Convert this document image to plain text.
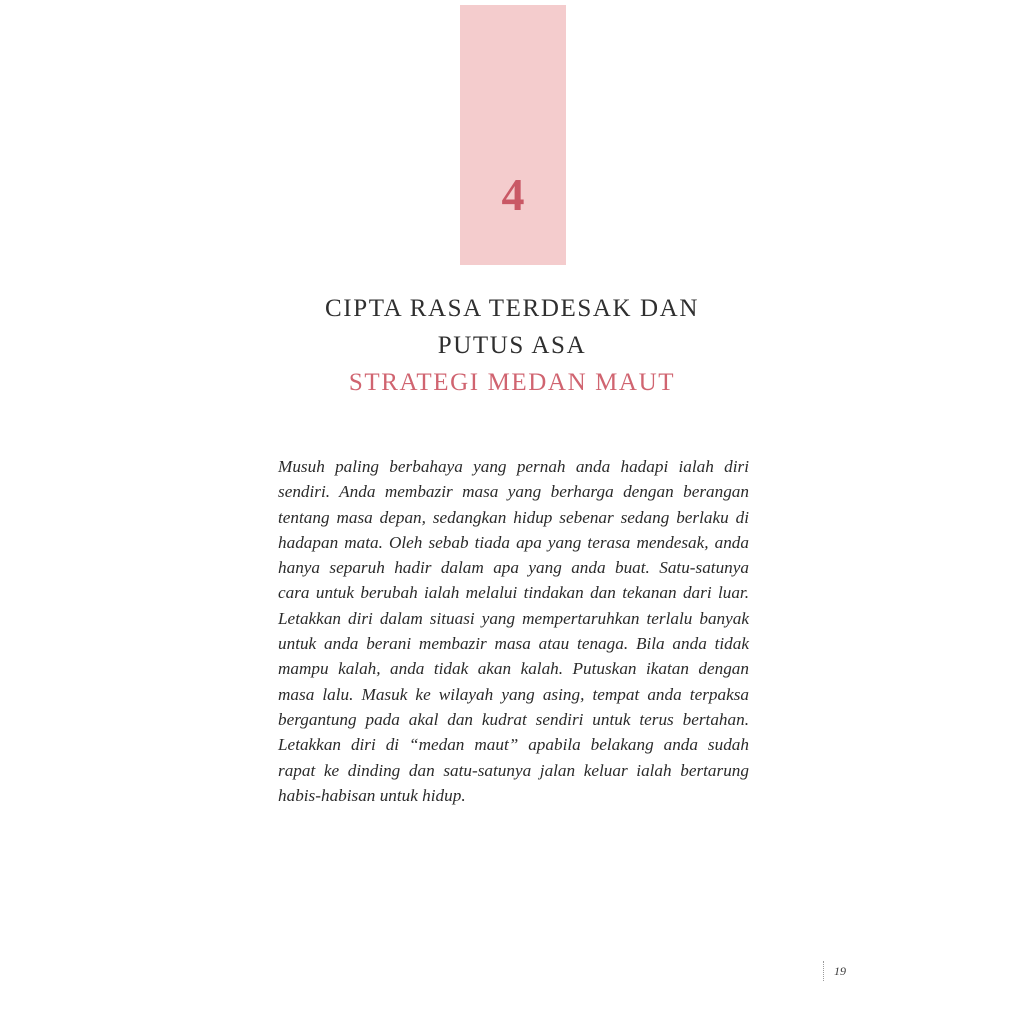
4
CIPTA RASA TERDESAK DAN
PUTUS ASA
STRATEGI MEDAN MAUT
Musuh paling berbahaya yang pernah anda hadapi ialah diri
sendiri. Anda membazir masa yang berharga dengan berangan
tentang masa depan, sedangkan hidup sebenar sedang berlaku di
hadapan mata. Oleh sebab tiada apa yang terasa mendesak, anda
hanya separuh hadir dalam apa yang anda buat. Satu-satunya
cara untuk berubah ialah melalui tindakan dan tekanan dari luar.
Letakkan diri dalam situasi yang mempertaruhkan terlalu banyak
untuk anda berani membazir masa atau tenaga. Bila anda tidak
mampu kalah, anda tidak akan kalah. Putuskan ikatan dengan
masa lalu. Masuk ke wilayah yang asing, tempat anda terpaksa
bergantung pada akal dan kudrat sendiri untuk terus bertahan.
Letakkan diri di “medan maut” apabila belakang anda sudah
rapat ke dinding dan satu-satunya jalan keluar ialah bertarung
habis-habisan untuk hidup.
19
